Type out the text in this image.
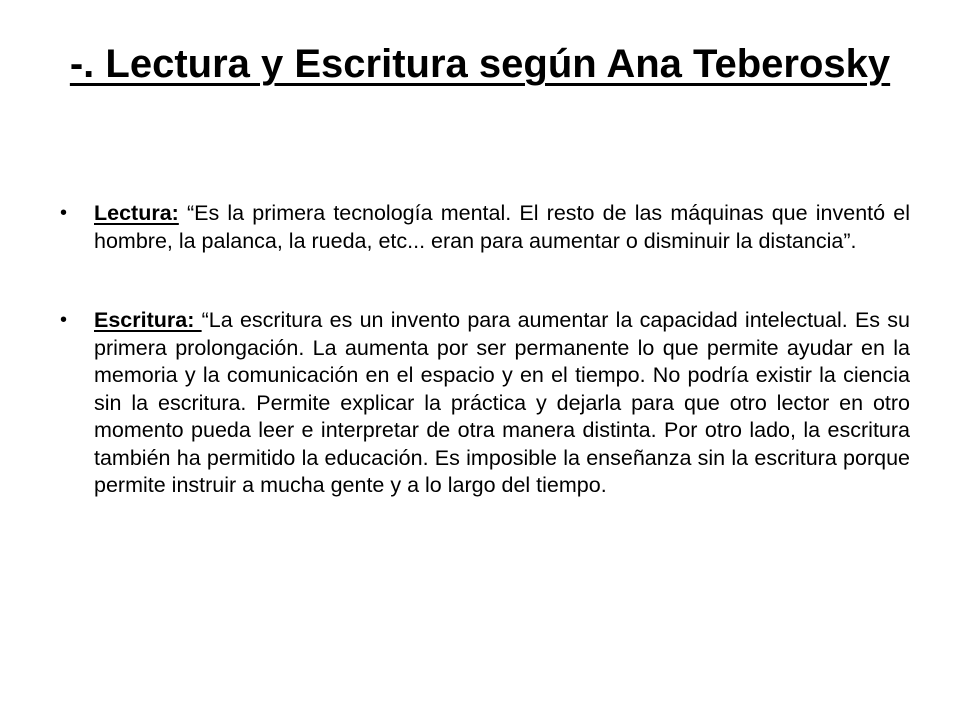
-. Lectura y Escritura según Ana Teberosky
• Lectura: “Es la primera tecnología mental. El resto de las máquinas que inventó el hombre, la palanca, la rueda, etc... eran para aumentar o disminuir la distancia”.
• Escritura: “La escritura es un invento para aumentar la capacidad intelectual. Es su primera prolongación. La aumenta por ser permanente lo que permite ayudar en la memoria y la comunicación en el espacio y en el tiempo. No podría existir la ciencia sin la escritura. Permite explicar la práctica y dejarla para que otro lector en otro momento pueda leer e interpretar de otra manera distinta. Por otro lado, la escritura también ha permitido la educación. Es imposible la enseñanza sin la escritura porque permite instruir a mucha gente y a lo largo del tiempo.
